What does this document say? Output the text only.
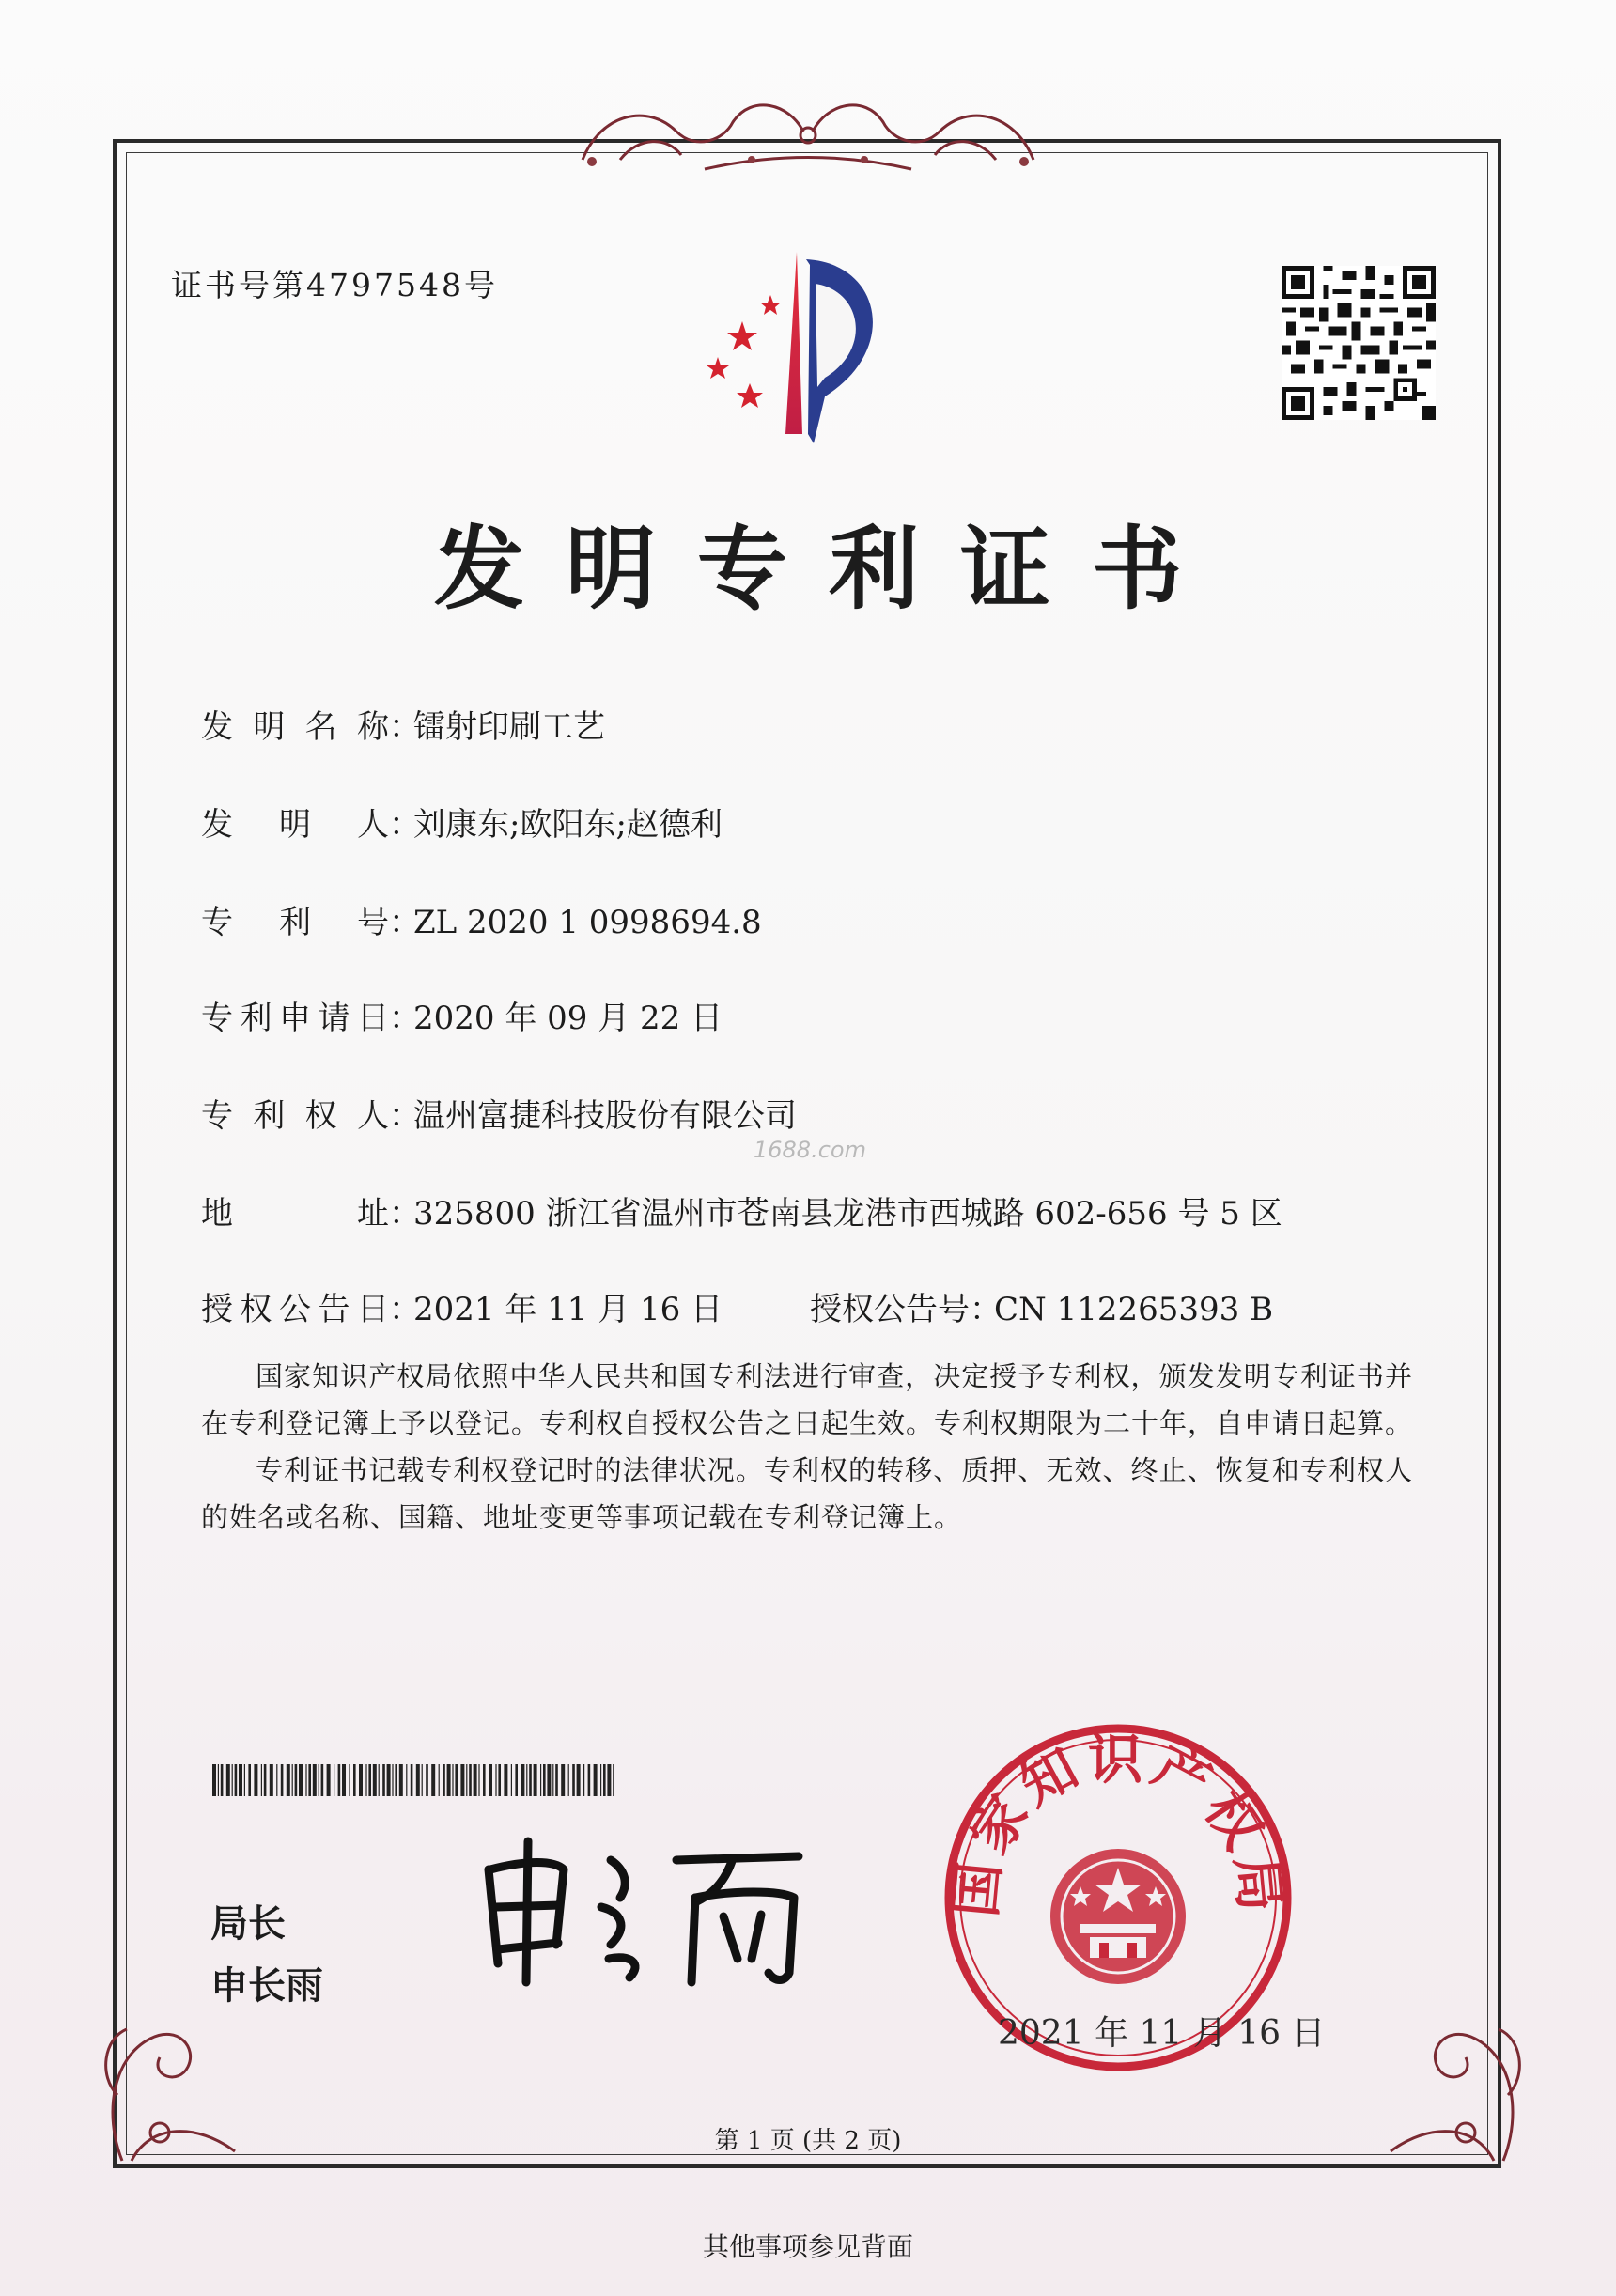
证书号第4797548号
发明专利证书
发 明 名 称：镭射印刷工艺
发 明 人：刘康东;欧阳东;赵德利
专 利 号：ZL 2020 1 0998694.8
专利申请日：2020 年 09 月 22 日
专 利 权 人：温州富捷科技股份有限公司
1688.com
地 址：325800 浙江省温州市苍南县龙港市西城路 602-656 号 5 区
授权公告日：2021 年 11 月 16 日	授权公告号：CN 112265393 B

国家知识产权局依照中华人民共和国专利法进行审查，决定授予专利权，颁发发明专利证书并在专利登记簿上予以登记。专利权自授权公告之日起生效。专利权期限为二十年，自申请日起算。

专利证书记载专利权登记时的法律状况。专利权的转移、质押、无效、终止、恢复和专利权人的姓名或名称、国籍、地址变更等事项记载在专利登记簿上。

局长
申长雨
国家知识产权局
2021 年 11 月 16 日
第 1 页 (共 2 页)
其他事项参见背面
